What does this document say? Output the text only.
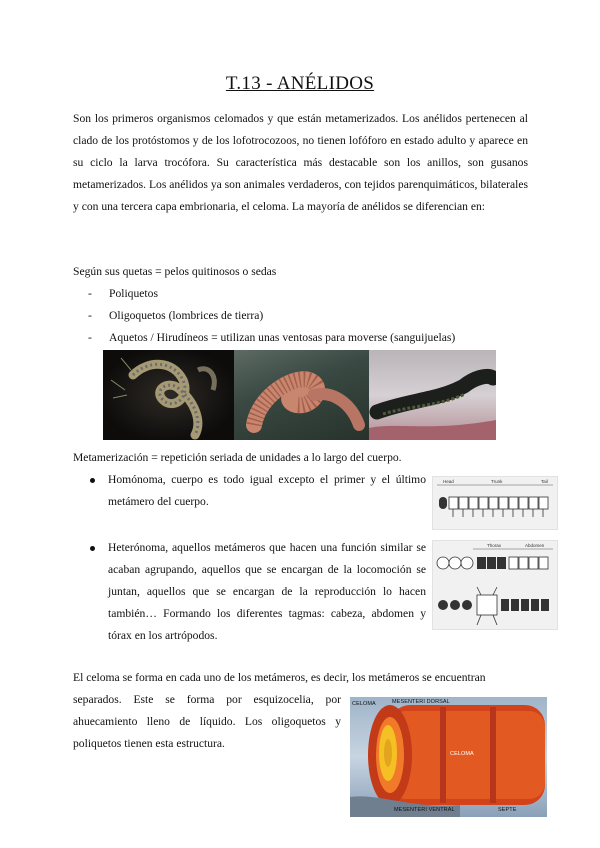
T.13 - ANÉLIDOS

Son los primeros organismos celomados y que están metamerizados. Los anélidos pertenecen al clado de los protóstomos y de los lofotrocozoos, no tienen lofóforo en estado adulto y aparece en su ciclo la larva trocófora. Su característica más destacable son los anillos, son gusanos metamerizados. Los anélidos ya son animales verdaderos, con tejidos parenquimáticos, bilaterales y con una tercera capa embrionaria, el celoma. La mayoría de anélidos se diferencian en:

Según sus quetas = pelos quitinosos o sedas

- Poliquetos
- Oligoquetos (lombrices de tierra)
- Aquetos / Hirudíneos = utilizan unas ventosas para moverse (sanguijuelas)

Metamerización = repetición seriada de unidades a lo largo del cuerpo.

Homónoma, cuerpo es todo igual excepto el primer y el último metámero del cuerpo.

Head	Trunk	Tail

Heterónoma, aquellos metámeros que hacen una función similar se acaban agrupando, aquellos que se encargan de la locomoción se juntan, aquellos que se encargan de la reproducción lo hacen también… Formando los diferentes tagmas: cabeza, abdomen y tórax en los artrópodos.

Thorax	Abdomen

El celoma se forma en cada uno de los metámeros, es decir, los metámeros se encuentran

separados. Este se forma por esquizocelia, por ahuecamiento lleno de líquido. Los oligoquetos y poliquetos tienen esta estructura.

CELOMA	MESENTERI DORSAL
CELOMA
MESENTERI VENTRAL	SEPTE
